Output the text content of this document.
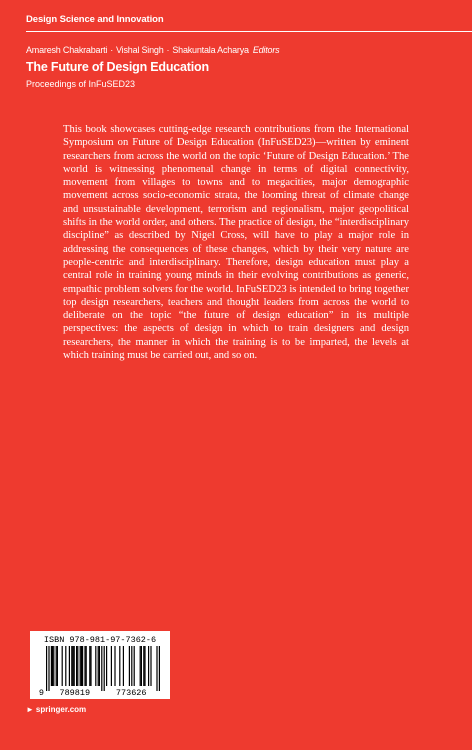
Design Science and Innovation
Amaresh Chakrabarti · Vishal Singh · Shakuntala Acharya Editors
The Future of Design Education
Proceedings of InFuSED23

This book showcases cutting-edge research contributions from the International Symposium on Future of Design Education (InFuSED23)—written by eminent researchers from across the world on the topic ‘Future of Design Education.’ The world is witnessing phenomenal change in terms of digital connectivity, movement from villages to towns and to megacities, major demographic movement across socio-economic strata, the looming threat of climate change and unsustainable development, terrorism and regionalism, major geopolitical shifts in the world order, and others. The practice of design, the “interdisciplinary discipline” as described by Nigel Cross, will have to play a major role in addressing the consequences of these changes, which by their very nature are people-centric and interdisciplinary. Therefore, design education must play a central role in training young minds in their evolving contributions as generic, empathic problem solvers for the world. InFuSED23 is intended to bring together top design researchers, teachers and thought leaders from across the world to deliberate on the topic “the future of design education” in its multiple perspectives: the aspects of design in which to train designers and design researchers, the manner in which the training is to be imparted, the levels at which training must be carried out, and so on.

ISBN 978-981-97-7362-6
9 789819	773626
► springer.com
